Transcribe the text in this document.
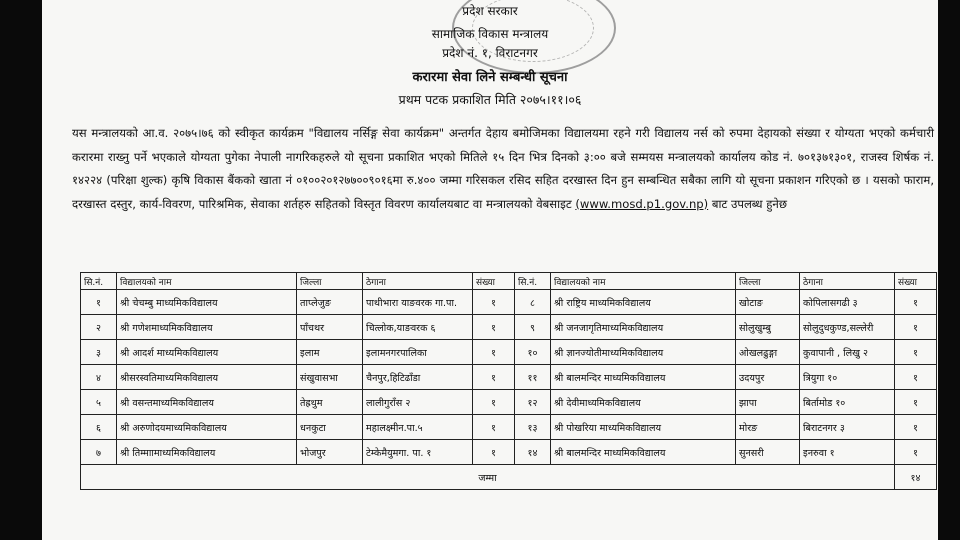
प्रदेश सरकार
सामाजिक विकास मन्त्रालय
प्रदेश नं. १, विराटनगर
करारमा सेवा लिने सम्बन्धी सूचना
प्रथम पटक प्रकाशित मिति २०७५।११।०६
यस मन्त्रालयको आ.व. २०७५।७६ को स्वीकृत कार्यक्रम "विद्यालय नर्सिङ्ग सेवा कार्यक्रम" अन्तर्गत देहाय बमोजिमका विद्यालयमा रहने गरी विद्यालय नर्स को रुपमा देहायको संख्या र योग्यता भएको कर्मचारी करारमा राख्नु पर्ने भएकाले योग्यता पुगेका नेपाली नागरिकहरुले यो सूचना प्रकाशित भएको मितिले १५ दिन भित्र दिनको ३:०० बजे सम्मयस मन्त्रालयको कार्यालय कोड नं. ७०१३७१३०१, राजस्व शिर्षक नं. १४२२४ (परिक्षा शुल्क) कृषि विकास बैंकको खाता नं ०१००२०१२७७००९०१६मा रु.४०० जम्मा गरिसकल रसिद सहित दरखास्त दिन हुन सम्बन्धित सबैका लागि यो सूचना प्रकाशन गरिएको छ । यसको फाराम, दरखास्त दस्तुर, कार्य-विवरण, पारिश्रमिक, सेवाका शर्तहरु सहितको विस्तृत विवरण कार्यालयबाट वा मन्त्रालयको वेबसाइट (www.mosd.p1.gov.np) बाट उपलब्ध हुनेछ
सि.नं.	विद्यालयको नाम	जिल्ला	ठेगाना	संख्या	सि.नं.	विद्यालयको नाम	जिल्ला	ठेगाना	संख्या
१	श्री चेचम्बु माध्यमिकविद्यालय	ताप्लेजुङ	पाथीभारा याङवरक गा.पा.	१	८	श्री राष्ट्रिय माध्यमिकविद्यालय	खोटाङ	कोपिलासगढी ३	१
२	श्री गणेशमाध्यमिकविद्यालय	पाँचथर	चित्लोक,याङवरक ६	१	९	श्री जनजागृतिमाध्यमिकविद्यालय	सोलुखुम्बु	सोलुदुधकुण्ड,सल्लेरी	१
३	श्री आदर्श माध्यमिकविद्यालय	इलाम	इलामनगरपालिका	१	१०	श्री ज्ञानज्योतीमाध्यमिकविद्यालय	ओखलढुङ्गा	कुवापानी , लिखु २	१
४	श्रीसरस्वतिमाध्यमिकविद्यालय	संखुवासभा	चैनपुर,हिटिढाँडा	१	११	श्री बालमन्दिर माध्यमिकविद्यालय	उदयपुर	त्रियुगा १०	१
५	श्री वसन्तमाध्यमिकविद्यालय	तेह्रथुम	लालीगुराँस २	१	१२	श्री देवीमाध्यमिकविद्यालय	झापा	बिर्तामोड १०	१
६	श्री अरुणोदयमाध्यमिकविद्यालय	धनकुटा	महालक्ष्मीन.पा.५	१	१३	श्री पोखरिया माध्यमिकविद्यालय	मोरङ	बिराटनगर ३	१
७	श्री तिम्माामाध्यमिकविद्यालय	भोजपुर	टेम्केमैयुमगा. पा. १	१	१४	श्री बालमन्दिर माध्यमिकविद्यालय	सुनसरी	इनरुवा १	१
जम्मा									१४
